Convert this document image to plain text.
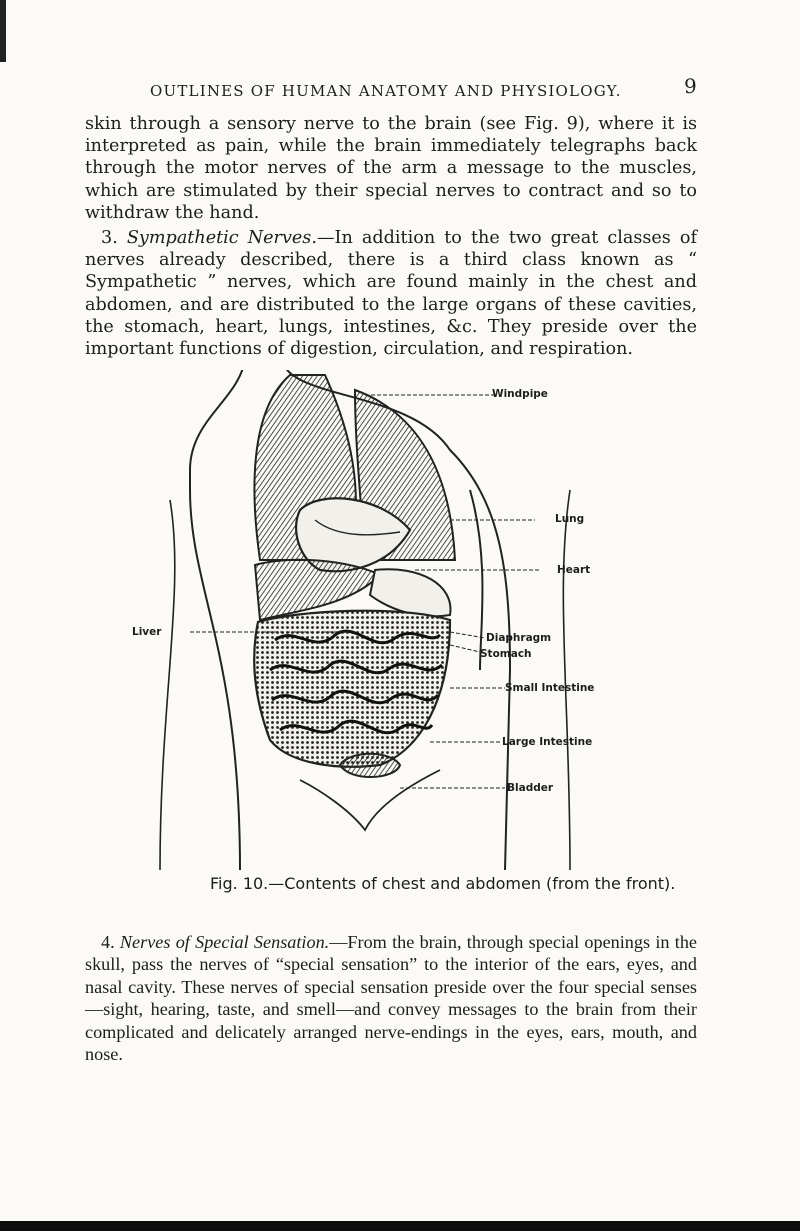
OUTLINES OF HUMAN ANATOMY AND PHYSIOLOGY.	9

skin through a sensory nerve to the brain (see Fig. 9), where it is interpreted as pain, while the brain immediately telegraphs back through the motor nerves of the arm a message to the muscles, which are stimulated by their special nerves to contract and so to withdraw the hand.

3. Sympathetic Nerves.—In addition to the two great classes of nerves already described, there is a third class known as “ Sympathetic ” nerves, which are found mainly in the chest and abdomen, and are distributed to the large organs of these cavities, the stomach, heart, lungs, intestines, &c. They preside over the important functions of digestion, circulation, and respiration.

Windpipe
Lung
Heart
Liver	Diaphragm
Stomach
Small Intestine
Large Intestine
Bladder
Fig. 10.—Contents of chest and abdomen (from the front).

4. Nerves of Special Sensation.—From the brain, through special openings in the skull, pass the nerves of “special sensation” to the interior of the ears, eyes, and nasal cavity. These nerves of special sensation preside over the four special senses—sight, hearing, taste, and smell—and convey messages to the brain from their complicated and delicately arranged nerve-endings in the eyes, ears, mouth, and nose.
